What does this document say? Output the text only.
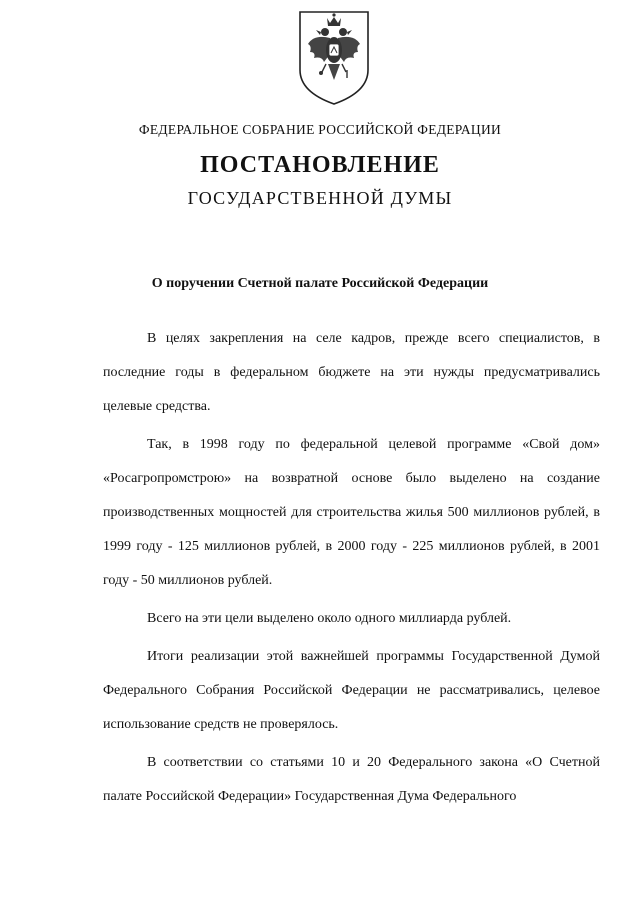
ФЕДЕРАЛЬНОЕ СОБРАНИЕ РОССИЙСКОЙ ФЕДЕРАЦИИ
ПОСТАНОВЛЕНИЕ
ГОСУДАРСТВЕННОЙ ДУМЫ
О поручении Счетной палате Российской Федерации

В целях закрепления на селе кадров, прежде всего специалистов, в последние годы в федеральном бюджете на эти нужды предусматривались целевые средства.

Так, в 1998 году по федеральной целевой программе «Свой дом» «Росагропромстрою» на возвратной основе было выделено на создание производственных мощностей для строительства жилья 500 миллионов рублей, в 1999 году - 125 миллионов рублей, в 2000 году - 225 миллионов рублей, в 2001 году - 50 миллионов рублей.

Всего на эти цели выделено около одного миллиарда рублей.

Итоги реализации этой важнейшей программы Государственной Думой Федерального Собрания Российской Федерации не рассматривались, целевое использование средств не проверялось.

В соответствии со статьями 10 и 20 Федерального закона «О Счетной палате Российской Федерации» Государственная Дума Федерального
